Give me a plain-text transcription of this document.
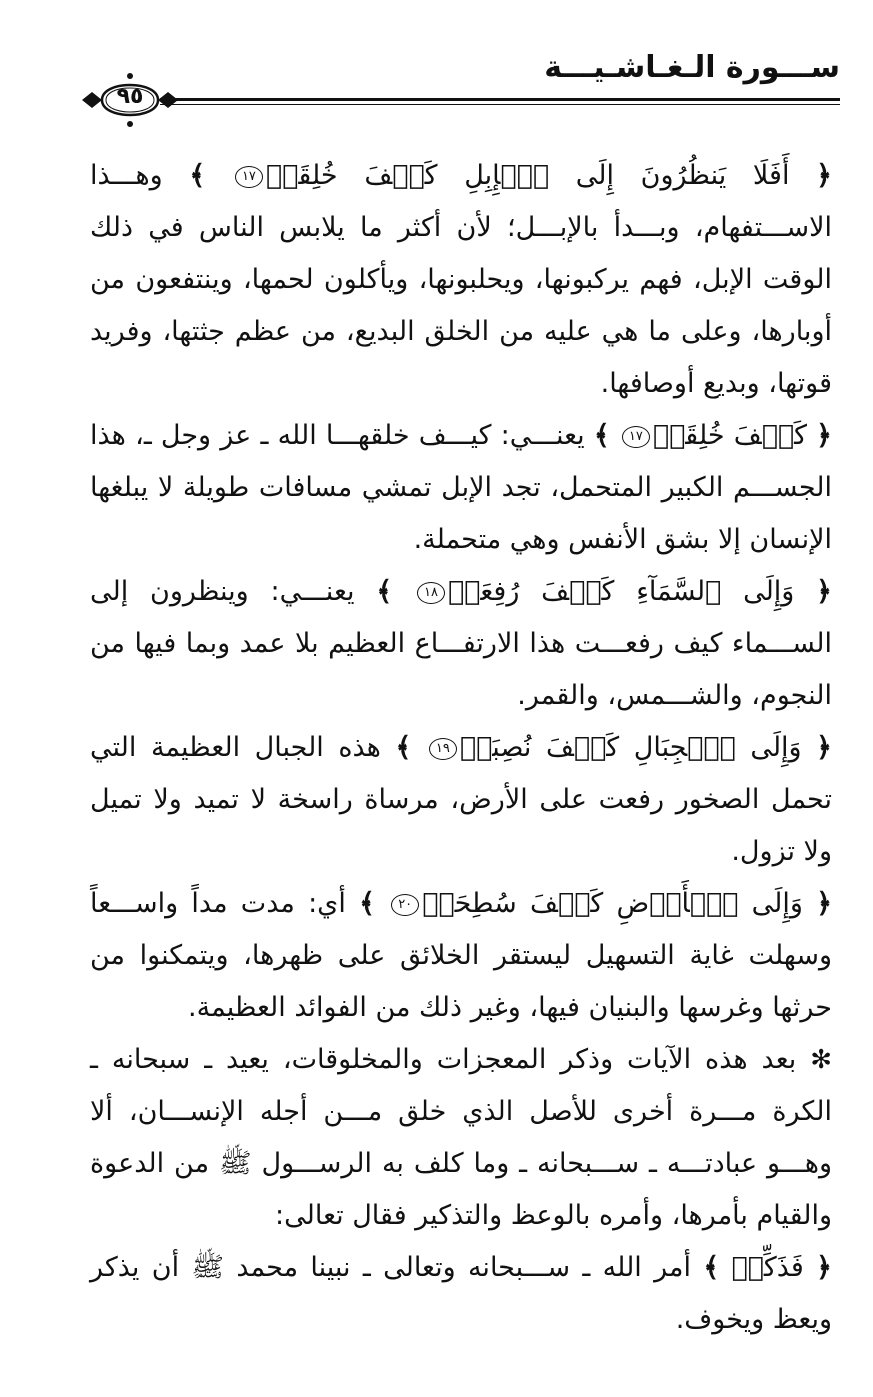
ســـورة الـغـاشـيـــة
٩٥

﴿ أَفَلَا يَنظُرُونَ إِلَى ٱلۡإِبِلِ كَيۡفَ خُلِقَتۡ١٧ ﴾ وهـــذا الاســـتفهام، وبـــدأ بالإبـــل؛ لأن أكثر ما يلابس الناس في ذلك الوقت الإبل، فهم يركبونها، ويحلبونها، ويأكلون لحمها، وينتفعون من أوبارها، وعلى ما هي عليه من الخلق البديع، من عظم جثتها، وفريد قوتها، وبديع أوصافها.

﴿ كَيۡفَ خُلِقَتۡ١٧ ﴾ يعنـــي: كيـــف خلقهـــا الله ـ عز وجل ـ، هذا الجســـم الكبير المتحمل، تجد الإبل تمشي مسافات طويلة لا يبلغها الإنسان إلا بشق الأنفس وهي متحملة.

﴿ وَإِلَى ٱلسَّمَآءِ كَيۡفَ رُفِعَتۡ١٨ ﴾ يعنـــي: وينظرون إلى الســـماء كيف رفعـــت هذا الارتفـــاع العظيم بلا عمد وبما فيها من النجوم، والشـــمس، والقمر.

﴿ وَإِلَى ٱلۡجِبَالِ كَيۡفَ نُصِبَتۡ١٩ ﴾ هذه الجبال العظيمة التي تحمل الصخور رفعت على الأرض، مرساة راسخة لا تميد ولا تميل ولا تزول.

﴿ وَإِلَى ٱلۡأَرۡضِ كَيۡفَ سُطِحَتۡ٢٠ ﴾ أي: مدت مداً واســـعاً وسهلت غاية التسهيل ليستقر الخلائق على ظهرها، ويتمكنوا من حرثها وغرسها والبنيان فيها، وغير ذلك من الفوائد العظيمة.

✻ بعد هذه الآيات وذكر المعجزات والمخلوقات، يعيد ـ سبحانه ـ الكرة مـــرة أخرى للأصل الذي خلق مـــن أجله الإنســـان، ألا وهـــو عبادتـــه ـ ســـبحانه ـ وما كلف به الرســـول ﷺ من الدعوة والقيام بأمرها، وأمره بالوعظ والتذكير فقال تعالى:

﴿ فَذَكِّرۡ ﴾ أمر الله ـ ســـبحانه وتعالى ـ نبينا محمد ﷺ أن يذكر ويعظ ويخوف.
